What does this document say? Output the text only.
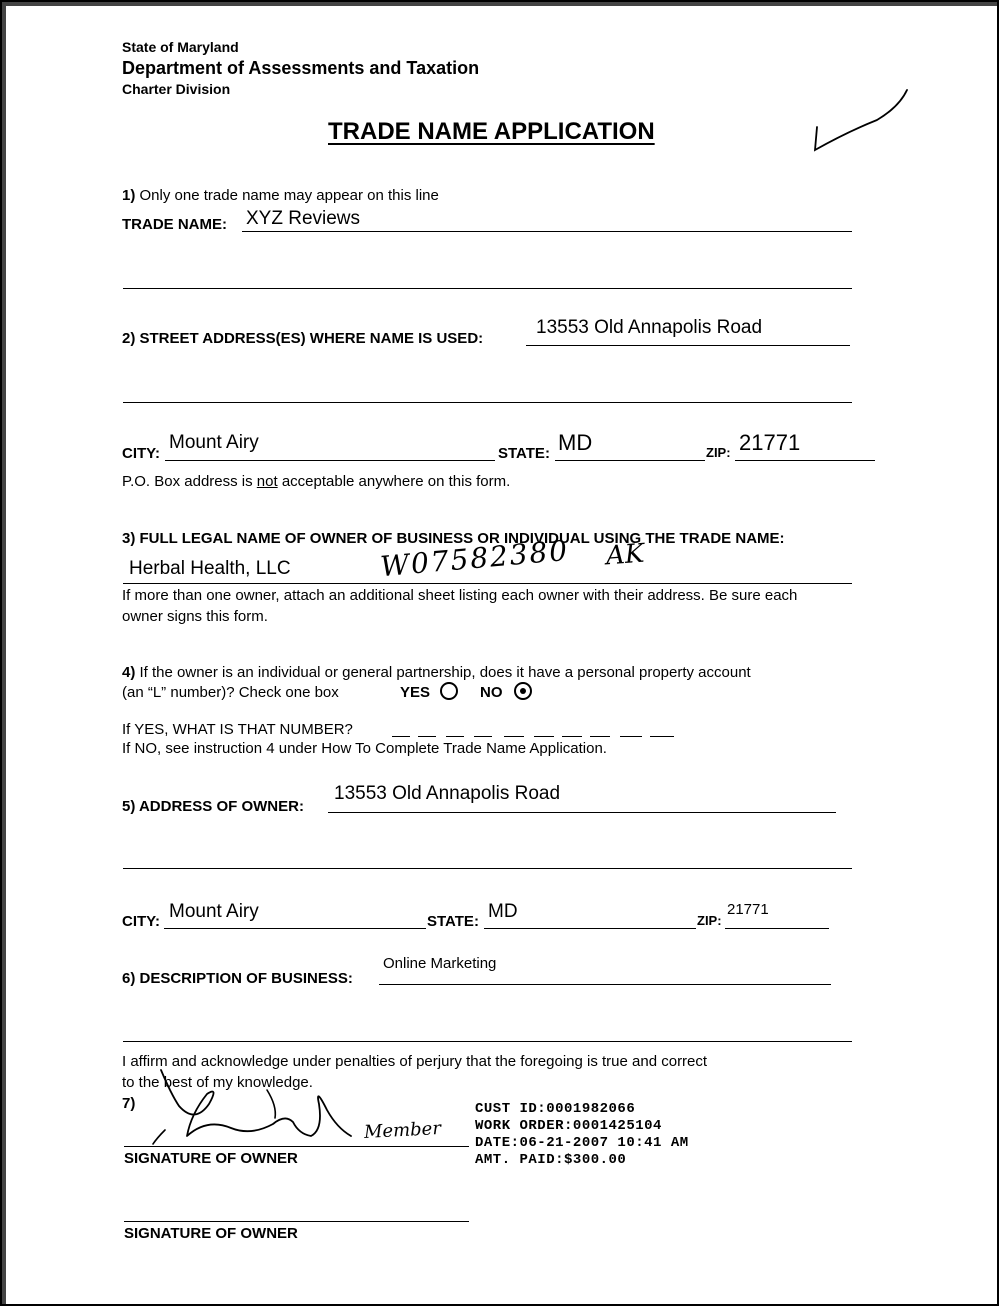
State of Maryland
Department of Assessments and Taxation
Charter Division
TRADE NAME APPLICATION
1) Only one trade name may appear on this line
TRADE NAME: XYZ Reviews
2) STREET ADDRESS(ES) WHERE NAME IS USED:
13553 Old Annapolis Road
CITY:
Mount Airy
STATE: MD	ZIP: 21771
P.O. Box address is not acceptable anywhere on this form.
3) FULL LEGAL NAME OF OWNER OF BUSINESS OR INDIVIDUAL USING THE TRADE NAME:
Herbal Health, LLC	W07582380 AK
If more than one owner, attach an additional sheet listing each owner with their address. Be sure each
owner signs this form.
4) If the owner is an individual or general partnership, does it have a personal property account
(an “L” number)? Check one box	YES	NO
If YES, WHAT IS THAT NUMBER?
If NO, see instruction 4 under How To Complete Trade Name Application.
5) ADDRESS OF OWNER:
13553 Old Annapolis Road
CITY: Mount Airy	STATE: MD	ZIP:
21771
6) DESCRIPTION OF BUSINESS:
Online Marketing
I affirm and acknowledge under penalties of perjury that the foregoing is true and correct
to the best of my knowledge.
7)
Member
SIGNATURE OF OWNER
SIGNATURE OF OWNER
CUST ID:0001982066
WORK ORDER:0001425104
DATE:06-21-2007 10:41 AM
AMT. PAID:$300.00
